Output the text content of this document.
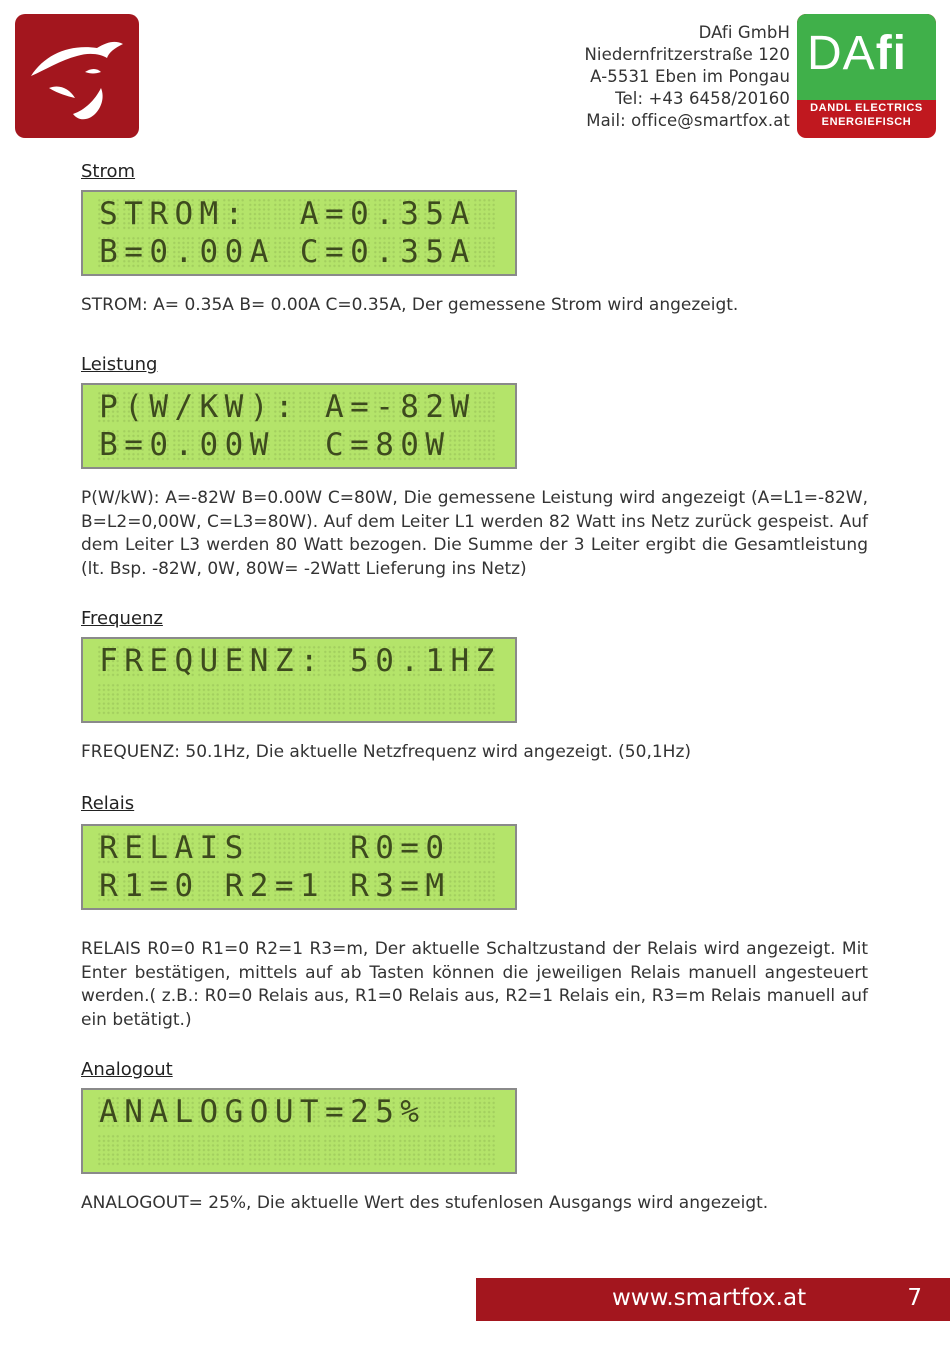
DAfi GmbH
Niedernfritzerstraße 120
A-5531 Eben im Pongau
Tel: +43 6458/20160
Mail: office@smartfox.at
DAfi
DANDL ELECTRICS
ENERGIEFISCH
Strom
S T R O M : A = 0 . 3 5 A
B = 0 . 0 0 A C = 0 . 3 5 A
STROM: A= 0.35A B= 0.00A C=0.35A, Der gemessene Strom wird angezeigt.
Leistung
P ( W / K W ) : A = - 8 2 W
B = 0 . 0 0 W C = 8 0 W
P(W/kW): A=-82W B=0.00W C=80W, Die gemessene Leistung wird angezeigt (A=L1=-82W, B=L2=0,00W, C=L3=80W). Auf dem Leiter L1 werden 82 Watt ins Netz zurück gespeist. Auf dem Leiter L3 werden 80 Watt bezogen. Die Summe der 3 Leiter ergibt die Gesamtleistung (lt. Bsp. -82W, 0W, 80W= -2Watt Lieferung ins Netz)
Frequenz
F R E Q U E N Z : 5 0 . 1 H Z
FREQUENZ: 50.1Hz, Die aktuelle Netzfrequenz wird angezeigt. (50,1Hz)
Relais
R E L A I S	R 0 = 0
R 1 = 0 R 2 = 1 R 3 = M
RELAIS R0=0 R1=0 R2=1 R3=m, Der aktuelle Schaltzustand der Relais wird angezeigt. Mit Enter bestätigen, mittels auf ab Tasten können die jeweiligen Relais manuell angesteuert werden.( z.B.: R0=0 Relais aus, R1=0 Relais aus, R2=1 Relais ein, R3=m Relais manuell auf ein betätigt.)
Analogout
A N A L O G O U T = 2 5 %
ANALOGOUT= 25%, Die aktuelle Wert des stufenlosen Ausgangs wird angezeigt.
www.smartfox.at	7
